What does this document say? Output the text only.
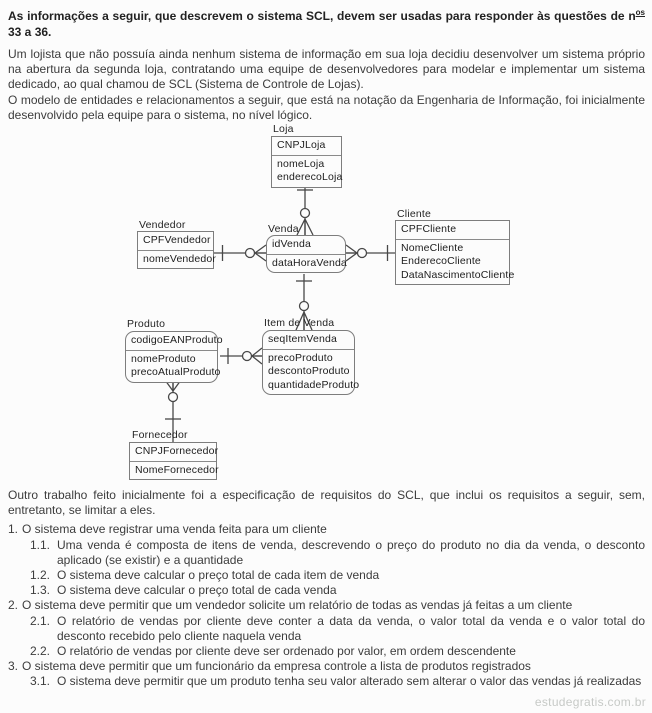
As informações a seguir, que descrevem o sistema SCL, devem ser usadas para responder às questões de $n^{os}$ 33 a 36.

Um lojista que não possuía ainda nenhum sistema de informação em sua loja decidiu desenvolver um sistema próprio na abertura da segunda loja, contratando uma equipe de desenvolvedores para modelar e implementar um sistema dedicado, ao qual chamou de SCL (Sistema de Controle de Lojas).

O modelo de entidades e relacionamentos a seguir, que está na notação da Engenharia de Informação, foi inicialmente desenvolvido pela equipe para o sistema, no nível lógico.

Loja
CNPJLoja
nomeLoja
enderecoLoja
Vendedor
CPFVendedor
nomeVendedor
Venda
idVenda
dataHoraVenda
Cliente
CPFCliente
NomeCliente
EnderecoCliente
DataNascimentoCliente
Produto
codigoEANProduto
nomeProduto
precoAtualProduto
Item de Venda
seqItemVenda
precoProduto
descontoProduto
quantidadeProduto
Fornecedor
CNPJFornecedor
NomeFornecedor

Outro trabalho feito inicialmente foi a especificação de requisitos do SCL, que inclui os requisitos a seguir, sem, entretanto, se limitar a eles.

1. O sistema deve registrar uma venda feita para um cliente
1.1. Uma venda é composta de itens de venda, descrevendo o preço do produto no dia da venda, o desconto aplicado (se existir) e a quantidade
1.2. O sistema deve calcular o preço total de cada item de venda
1.3. O sistema deve calcular o preço total de cada venda
2. O sistema deve permitir que um vendedor solicite um relatório de todas as vendas já feitas a um cliente
2.1. O relatório de vendas por cliente deve conter a data da venda, o valor total da venda e o valor total do desconto recebido pelo cliente naquela venda
2.2. O relatório de vendas por cliente deve ser ordenado por valor, em ordem descendente
3. O sistema deve permitir que um funcionário da empresa controle a lista de produtos registrados
3.1. O sistema deve permitir que um produto tenha seu valor alterado sem alterar o valor das vendas já realizadas
estudegratis.com.br
